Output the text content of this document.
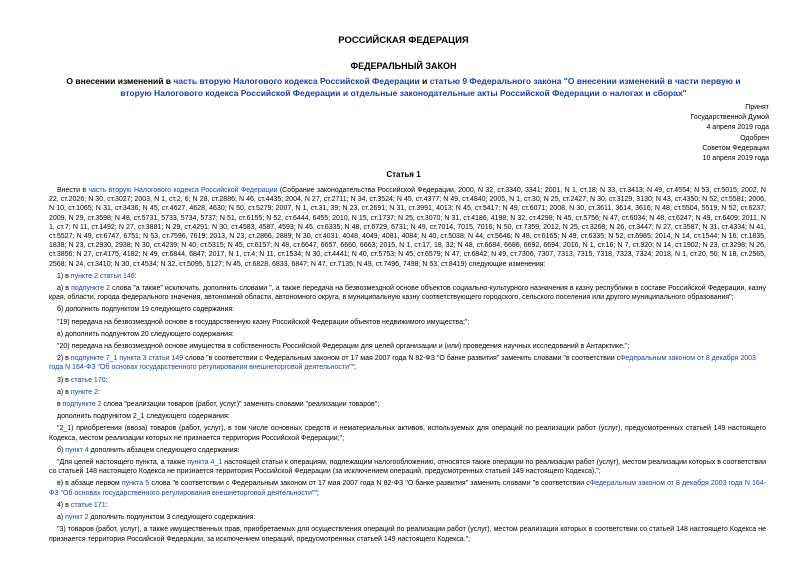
РОССИЙСКАЯ ФЕДЕРАЦИЯ
ФЕДЕРАЛЬНЫЙ ЗАКОН
О внесении изменений в часть вторую Налогового кодекса Российской Федерации и статью 9 Федерального закона "О внесении изменений в части первую и вторую Налогового кодекса Российской Федерации и отдельные законодательные акты Российской Федерации о налогах и сборах"
Принят
Государственной Думой
4 апреля 2019 года
Одобрен
Советом Федерации
10 апреля 2019 года
Статья 1

Внести в часть вторую Налогового кодекса Российской Федерации (Собрание законодательства Российской Федерации, 2000, N 32, ст.3340, 3341; 2001, N 1, ст.18; N 33, ст.3413; N 49, ст.4554; N 53, ст.5015; 2002, N 22, ст.2026; N 30, ст.3027; 2003, N 1, ст.2, 6; N 28, ст.2886; N 46, ст.4435; 2004, N 27, ст.2711; N 34, ст.3524; N 45, ст.4377; N 49, ст.4840; 2005, N 1, ст.30; N 25, ст.2427; N 30, ст.3129, 3130; N 43, ст.4350; N 52, ст.5581; 2006, N 10, ст.1065; N 31, ст.3436; N 45, ст.4627, 4628, 4630; N 50, ст.5279; 2007, N 1, ст.31, 39; N 23, ст.2691; N 31, ст.3991, 4013; N 45, ст.5417; N 49, ст.6071; 2008, N 30, ст.3611, 3614, 3616; N 48, ст.5504, 5519; N 52, ст.6237; 2009, N 29, ст.3598; N 48, ст.5731, 5733, 5734, 5737; N 51, ст.6155; N 52, ст.6444, 6455; 2010, N 15, ст.1737; N 25, ст.3070; N 31, ст.4186, 4198; N 32, ст.4298; N 45, ст.5756; N 47, ст.6034; N 48, ст.6247; N 49, ст.6409; 2011, N 1, ст.7; N 11, ст.1492; N 27, ст.3881; N 29, ст.4291; N 30, ст.4583, 4587, 4593; N 45, ст.6335; N 48, ст.6729, 6731; N 49, ст.7014, 7015, 7016; N 50, ст.7359; 2012, N 25, ст.3268; N 26, ст.3447; N 27, ст.3587; N 31, ст.4334; N 41, ст.5527; N 49, ст.6747, 6751; N 53, ст.7596, 7619; 2013, N 23, ст.2866, 2889; N 30, ст.4031, 4048, 4049, 4081, 4084; N 40, ст.5038; N 44, ст.5646; N 48, ст.6165; N 49, ст.6335; N 52, ст.6985; 2014, N 14, ст.1544; N 16, ст.1835, 1838; N 23, ст.2930, 2938; N 30, ст.4239; N 40, ст.5315; N 45, ст.6157; N 48, ст.6647, 6657, 6660, 6663; 2015, N 1, ст.17, 18, 32; N 48, ст.6684, 6686, 6692, 6694; 2016, N 1, ст.16; N 7, ст.920; N 14, ст.1902; N 23, ст.3298; N 26, ст.3856; N 27, ст.4175, 4182; N 49, ст.6844, 6847; 2017, N 1, ст.4; N 11, ст.1534; N 30, ст.4441; N 40, ст.5753; N 45, ст.6579; N 47, ст.6842; N 49, ст.7306, 7307, 7313, 7315, 7318, 7323, 7324; 2018, N 1, ст.20, 50; N 18, ст.2565, 2568; N 24, ст.3410; N 30, ст.4534; N 32, ст.5095, 5127; N 45, ст.6828, 6833, 6847; N 47, ст.7135; N 49, ст.7496, 7498; N 53, ст.8419) следующие изменения:

1) в пункте 2 статьи 146:

а) в подпункте 2 слова "а также" исключить, дополнить словами ", а также передача на безвозмездной основе объектов социально-культурного назначения в казну республики в составе Российской Федерации, казну края, области, города федерального значения, автономной области, автономного округа, в муниципальную казну соответствующего городского, сельского поселения или другого муниципального образования";

б) дополнить подпунктом 19 следующего содержания:

"19) передача на безвозмездной основе в государственную казну Российской Федерации объектов недвижимого имущества;";

в) дополнить подпунктом 20 следующего содержания:

"20) передача на безвозмездной основе имущества в собственность Российской Федерации для целей организации и (или) проведения научных исследований в Антарктике.";

2) в подпункте 7_1 пункта 3 статьи 149 слова "в соответствии с Федеральным законом от 17 мая 2007 года N 82-ФЗ "О банке развития" заменить словами "в соответствии сФедеральным законом от 8 декабря 2003 года N 164-ФЗ "Об основах государственного регулирования внешнеторговой деятельности"";

3) в статье 170:

а) в пункте 2:

в подпункте 2 слова "реализации товаров (работ, услуг)" заменить словами "реализации товаров";

дополнить подпунктом 2_1 следующего содержания:

"2_1) приобретения (ввоза) товаров (работ, услуг), в том числе основных средств и нематериальных активов, используемых для операций по реализации работ (услуг), предусмотренных статьей 149 настоящего Кодекса, местом реализации которых не признается территория Российской Федерации;";

б) пункт 4 дополнить абзацем следующего содержания:

"Для целей настоящего пункта, а также пункта 4_1 настоящей статьи к операциям, подлежащим налогообложению, относятся также операции по реализации работ (услуг), местом реализации которых в соответствии со статьей 148 настоящего Кодекса не признается территория Российской Федерации (за исключением операций, предусмотренных статьей 149 настоящего Кодекса).";

в) в абзаце первом пункта 5 слова "в соответствии с Федеральным законом от 17 мая 2007 года N 82-ФЗ "О банке развития" заменить словами "в соответствии сФедеральным законом от 8 декабря 2003 года N 164-ФЗ "Об основах государственного регулирования внешнеторговой деятельности"";

4) в статье 171:

а) пункт 2 дополнить подпунктом 3 следующего содержания:

"3) товаров (работ, услуг), а также имущественных прав, приобретаемых для осуществления операций по реализации работ (услуг), местом реализации которых в соответствии со статьей 148 настоящего Кодекса не признается территория Российской Федерации, за исключением операций, предусмотренных статьей 149 настоящего Кодекса.";
